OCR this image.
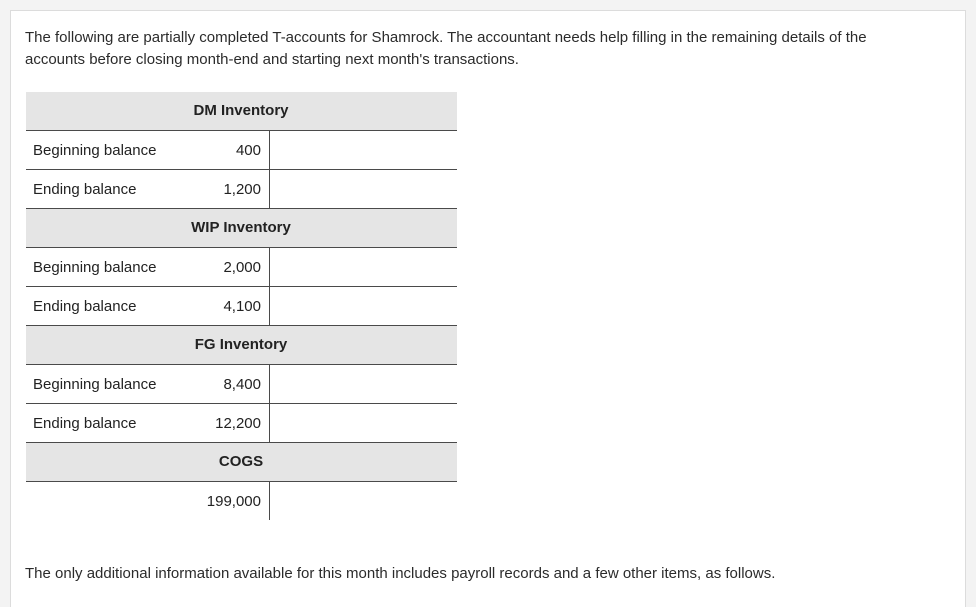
The following are partially completed T-accounts for Shamrock. The accountant needs help filling in the remaining details of the accounts before closing month-end and starting next month's transactions.
DM Inventory
Beginning balance	400
Ending balance	1,200
WIP Inventory
Beginning balance	2,000
Ending balance	4,100
FG Inventory
Beginning balance	8,400
Ending balance	12,200
COGS
199,000
The only additional information available for this month includes payroll records and a few other items, as follows.
